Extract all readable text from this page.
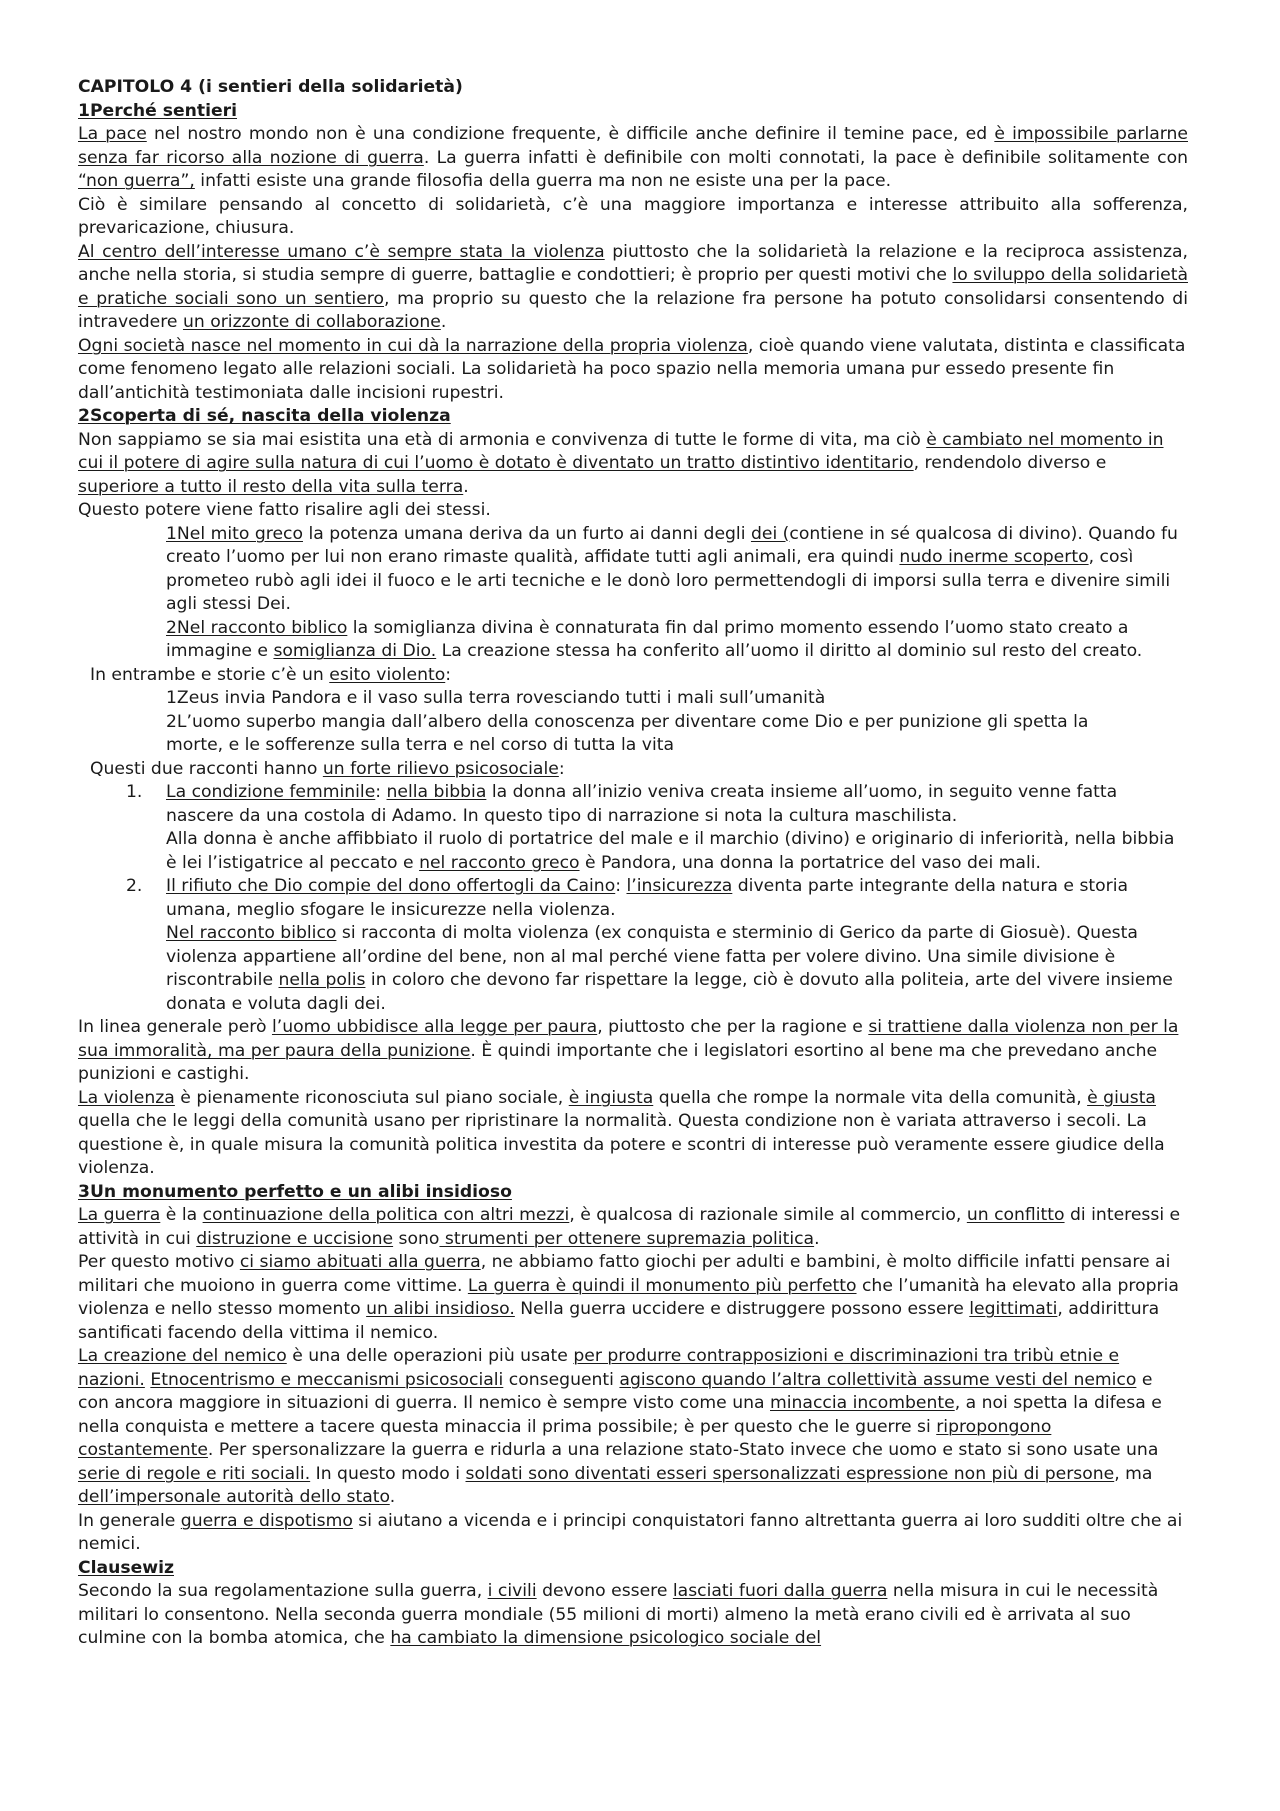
CAPITOLO 4 (i sentieri della solidarietà)

1Perché sentieri

La pace nel nostro mondo non è una condizione frequente, è difficile anche definire il temine pace, ed è impossibile parlarne senza far ricorso alla nozione di guerra. La guerra infatti è definibile con molti connotati, la pace è definibile solitamente con “non guerra”, infatti esiste una grande filosofia della guerra ma non ne esiste una per la pace.

Ciò è similare pensando al concetto di solidarietà, c’è una maggiore importanza e interesse attribuito alla sofferenza, prevaricazione, chiusura.

Al centro dell’interesse umano c’è sempre stata la violenza piuttosto che la solidarietà la relazione e la reciproca assistenza, anche nella storia, si studia sempre di guerre, battaglie e condottieri; è proprio per questi motivi che lo sviluppo della solidarietà e pratiche sociali sono un sentiero, ma proprio su questo che la relazione fra persone ha potuto consolidarsi consentendo di intravedere un orizzonte di collaborazione.

Ogni società nasce nel momento in cui dà la narrazione della propria violenza, cioè quando viene valutata, distinta e classificata come fenomeno legato alle relazioni sociali. La solidarietà ha poco spazio nella memoria umana pur essedo presente fin dall’antichità testimoniata dalle incisioni rupestri.

2Scoperta di sé, nascita della violenza

Non sappiamo se sia mai esistita una età di armonia e convivenza di tutte le forme di vita, ma ciò è cambiato nel momento in cui il potere di agire sulla natura di cui l’uomo è dotato è diventato un tratto distintivo identitario, rendendolo diverso e superiore a tutto il resto della vita sulla terra.

Questo potere viene fatto risalire agli dei stessi.

1Nel mito greco la potenza umana deriva da un furto ai danni degli dei (contiene in sé qualcosa di divino). Quando fu creato l’uomo per lui non erano rimaste qualità, affidate tutti agli animali, era quindi nudo inerme scoperto, così prometeo rubò agli idei il fuoco e le arti tecniche e le donò loro permettendogli di imporsi sulla terra e divenire simili agli stessi Dei.

2Nel racconto biblico la somiglianza divina è connaturata fin dal primo momento essendo l’uomo stato creato a immagine e somiglianza di Dio. La creazione stessa ha conferito all’uomo il diritto al dominio sul resto del creato.

In entrambe e storie c’è un esito violento:

1Zeus invia Pandora e il vaso sulla terra rovesciando tutti i mali sull’umanità

2L’uomo superbo mangia dall’albero della conoscenza per diventare come Dio e per punizione gli spetta la morte, e le sofferenze sulla terra e nel corso di tutta la vita

Questi due racconti hanno un forte rilievo psicosociale:

1. La condizione femminile: nella bibbia la donna all’inizio veniva creata insieme all’uomo, in seguito venne fatta nascere da una costola di Adamo. In questo tipo di narrazione si nota la cultura maschilista.

Alla donna è anche affibbiato il ruolo di portatrice del male e il marchio (divino) e originario di inferiorità, nella bibbia è lei l’istigatrice al peccato e nel racconto greco è Pandora, una donna la portatrice del vaso dei mali.

2. Il rifiuto che Dio compie del dono offertogli da Caino: l’insicurezza diventa parte integrante della natura e storia umana, meglio sfogare le insicurezze nella violenza.

Nel racconto biblico si racconta di molta violenza (ex conquista e sterminio di Gerico da parte di Giosuè). Questa violenza appartiene all’ordine del bene, non al mal perché viene fatta per volere divino. Una simile divisione è riscontrabile nella polis in coloro che devono far rispettare la legge, ciò è dovuto alla politeia, arte del vivere insieme donata e voluta dagli dei.

In linea generale però l’uomo ubbidisce alla legge per paura, piuttosto che per la ragione e si trattiene dalla violenza non per la sua immoralità, ma per paura della punizione. È quindi importante che i legislatori esortino al bene ma che prevedano anche punizioni e castighi.

La violenza è pienamente riconosciuta sul piano sociale, è ingiusta quella che rompe la normale vita della comunità, è giusta quella che le leggi della comunità usano per ripristinare la normalità. Questa condizione non è variata attraverso i secoli. La questione è, in quale misura la comunità politica investita da potere e scontri di interesse può veramente essere giudice della violenza.

3Un monumento perfetto e un alibi insidioso

La guerra è la continuazione della politica con altri mezzi, è qualcosa di razionale simile al commercio, un conflitto di interessi e attività in cui distruzione e uccisione sono strumenti per ottenere supremazia politica.

Per questo motivo ci siamo abituati alla guerra, ne abbiamo fatto giochi per adulti e bambini, è molto difficile infatti pensare ai militari che muoiono in guerra come vittime. La guerra è quindi il monumento più perfetto che l’umanità ha elevato alla propria violenza e nello stesso momento un alibi insidioso. Nella guerra uccidere e distruggere possono essere legittimati, addirittura santificati facendo della vittima il nemico.

La creazione del nemico è una delle operazioni più usate per produrre contrapposizioni e discriminazioni tra tribù etnie e nazioni. Etnocentrismo e meccanismi psicosociali conseguenti agiscono quando l’altra collettività assume vesti del nemico e con ancora maggiore in situazioni di guerra. Il nemico è sempre visto come una minaccia incombente, a noi spetta la difesa e nella conquista e mettere a tacere questa minaccia il prima possibile; è per questo che le guerre si ripropongono costantemente. Per spersonalizzare la guerra e ridurla a una relazione stato-Stato invece che uomo e stato si sono usate una serie di regole e riti sociali. In questo modo i soldati sono diventati esseri spersonalizzati espressione non più di persone, ma dell’impersonale autorità dello stato.

In generale guerra e dispotismo si aiutano a vicenda e i principi conquistatori fanno altrettanta guerra ai loro sudditi oltre che ai nemici.

Clausewiz

Secondo la sua regolamentazione sulla guerra, i civili devono essere lasciati fuori dalla guerra nella misura in cui le necessità militari lo consentono. Nella seconda guerra mondiale (55 milioni di morti) almeno la metà erano civili ed è arrivata al suo culmine con la bomba atomica, che ha cambiato la dimensione psicologico sociale del
